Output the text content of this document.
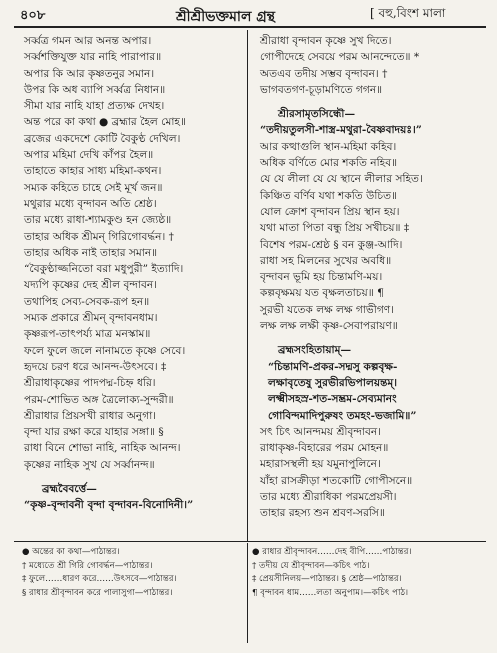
৪০৮	শ্রীশ্রীভক্তমাল গ্রন্থ	[ বহু,বিংশ মালা
সর্ব্বত্র গমন আর অনন্ত অপার।
সর্ব্বশক্তিযুক্ত যার নাহি পারাপার॥
অপার কি আর কৃষ্ণতনুর সমান।
উপর কি অধ ব্যাপি সর্ব্বত্র নিধান॥
সীমা যার নাহি যাহা প্রত্যক্ষ দেখহ।
অন্ত পরে কা কথা ● ব্রহ্মার হৈল মোহ॥
ব্রজের একদেশে কোটি বৈকুণ্ঠ দেখিল।
অপার মহিমা দেখি কাঁপর হৈল॥
তাহাতে কাহার সাধ্য মহিমা-কথন।
সম্যক কহিতে চাহে সেই মূর্খ জন॥
মথুরার মধ্যে বৃন্দাবন অতি শ্রেষ্ঠ।
তার মধ্যে রাধা-শ্যামকুণ্ড হন জ্যেষ্ঠ॥
তাহার অধিক শ্রীমন্ গিরিগোবর্দ্ধন। †
তাহার অধিক নাই তাহার সমান॥
“বৈকুণ্ঠাজ্জনিতো বরা মধুপুরী” ইত্যাদি।
যদ্যপি কৃষ্ণের দেহ শ্রীল বৃন্দাবন।
তথাপিহ সেব্য-সেবক-রূপ হন॥
সম্যক প্রকারে শ্রীমন্ বৃন্দাবনধাম।
কৃষ্ণরূপ-তাৎপর্য্য মাত্র মনস্কাম॥
ফলে ফুলে জলে নানামতে কৃষ্ণে সেবে।
হৃদয়ে চরণ ধরে আনন্দ-উৎসবে। ‡
শ্রীরাধাকৃষ্ণের পাদপদ্ম-চিহ্ন ধরি।
পরম-শোভিত অঙ্গ ত্রৈলোক্য-সুন্দরী॥
শ্রীরাধার প্রিয়সখী রাধার অনুগা।
বৃন্দা যার রক্ষা করে যাহার সঙ্গা॥ §
রাধা বিনে শোভা নাহি, নাহিক আনন্দ।
কৃষ্ণের নাহিক সুখ যে সর্ব্বানন্দ॥
ব্রহ্মবৈবর্ত্তে—
“কৃষ্ণ-বৃন্দাবনী বৃন্দা বৃন্দাবন-বিনোদিনী।”
শ্রীরাধা বৃন্দাবন কৃষ্ণে সুখ দিতে।
গোপীদেহে সেবয়ে পরম আনন্দেতে॥ *
অতএব তদীয় সম্ভব বৃন্দাবন। †
ভাগবতগণ-চূড়ামণিতে গগন॥
শ্রীরসামৃতসিন্ধৌ—
“তদীয়তুলসী-শাস্ত্র-মথুরা-বৈষ্ণবাদয়ঃ।”
আর কত্থাগুলি স্থান-মহিমা কহিব।
অধিক বর্ণিতে মোর শকতি নহিব॥
যে যে লীলা যে যে স্থানে লীলার সহিত।
কিঞ্চিত বর্ণিব যথা শকতি উচিত॥
যোল ক্রোশ বৃন্দাবন প্রিয় স্থান হয়।
যথা মাতা পিতা বন্ধু প্রিয় সখীচয়॥ ‡
বিশেষ পরম-শ্রেষ্ঠ § বন কুঞ্জ-আদি।
রাধা সহ মিলনের সুখের অবধি॥
বৃন্দাবন ভূমি হয় চিন্তামণি-ময়।
কল্পবৃক্ষময় যত বৃক্ষলতাচয়॥ ¶
সুরভী যতেক লক্ষ লক্ষ গাভীগণ।
লক্ষ লক্ষ লক্ষী কৃষ্ণ-সেবাপরায়ণ॥
ব্রহ্মসংহিতায়াম্—
“চিন্তামণি-প্রকর-সদ্মসু কল্পবৃক্ষ-
লক্ষাবৃতেষু সুরভীরভিপালয়ন্তম্।
লক্ষ্মীসহস্র-শত-সম্ভ্রম-সেব্যমানং
গোবিন্দমাদিপুরুষং তমহং-ভজামি॥”
সৎ চিৎ আনন্দময় শ্রীবৃন্দাবন।
রাধাকৃষ্ণ-বিহারের পরম মোহন॥
মহারাসস্থলী হয় যমুনাপুলিনে।
যাঁহা রাসক্রীড়া শতকোটি গোপীসনে॥
তার মধ্যে শ্রীরাধিকা পরমপ্রেয়সী।
তাহার রহস্য শুন শ্রবণ-সরসি॥
● অন্তের কা কথা—পাঠান্তর।
† মধ্যেতে শ্রী গিরি গোবর্দ্ধন—পাঠান্তর।
‡ ফুলে……ধারণ করে……উৎসবে—পাঠান্তর।
§ রাধার শ্রীবৃন্দাবন করে পালাসুগা—পাঠান্তর।
● রাধার শ্রীবৃন্দাবন……দেহ বীপি……পাঠান্তর।
† তদীয় যে শ্রীবৃন্দাবন—কচিৎ পাঠ।
‡ প্রেয়সীনিলয়—পাঠান্তর। § শ্রেষ্ঠ—পাঠান্তর।
¶ বৃন্দাবন ধাম……লতা অনুপাম।—কচিৎ পাঠ।
